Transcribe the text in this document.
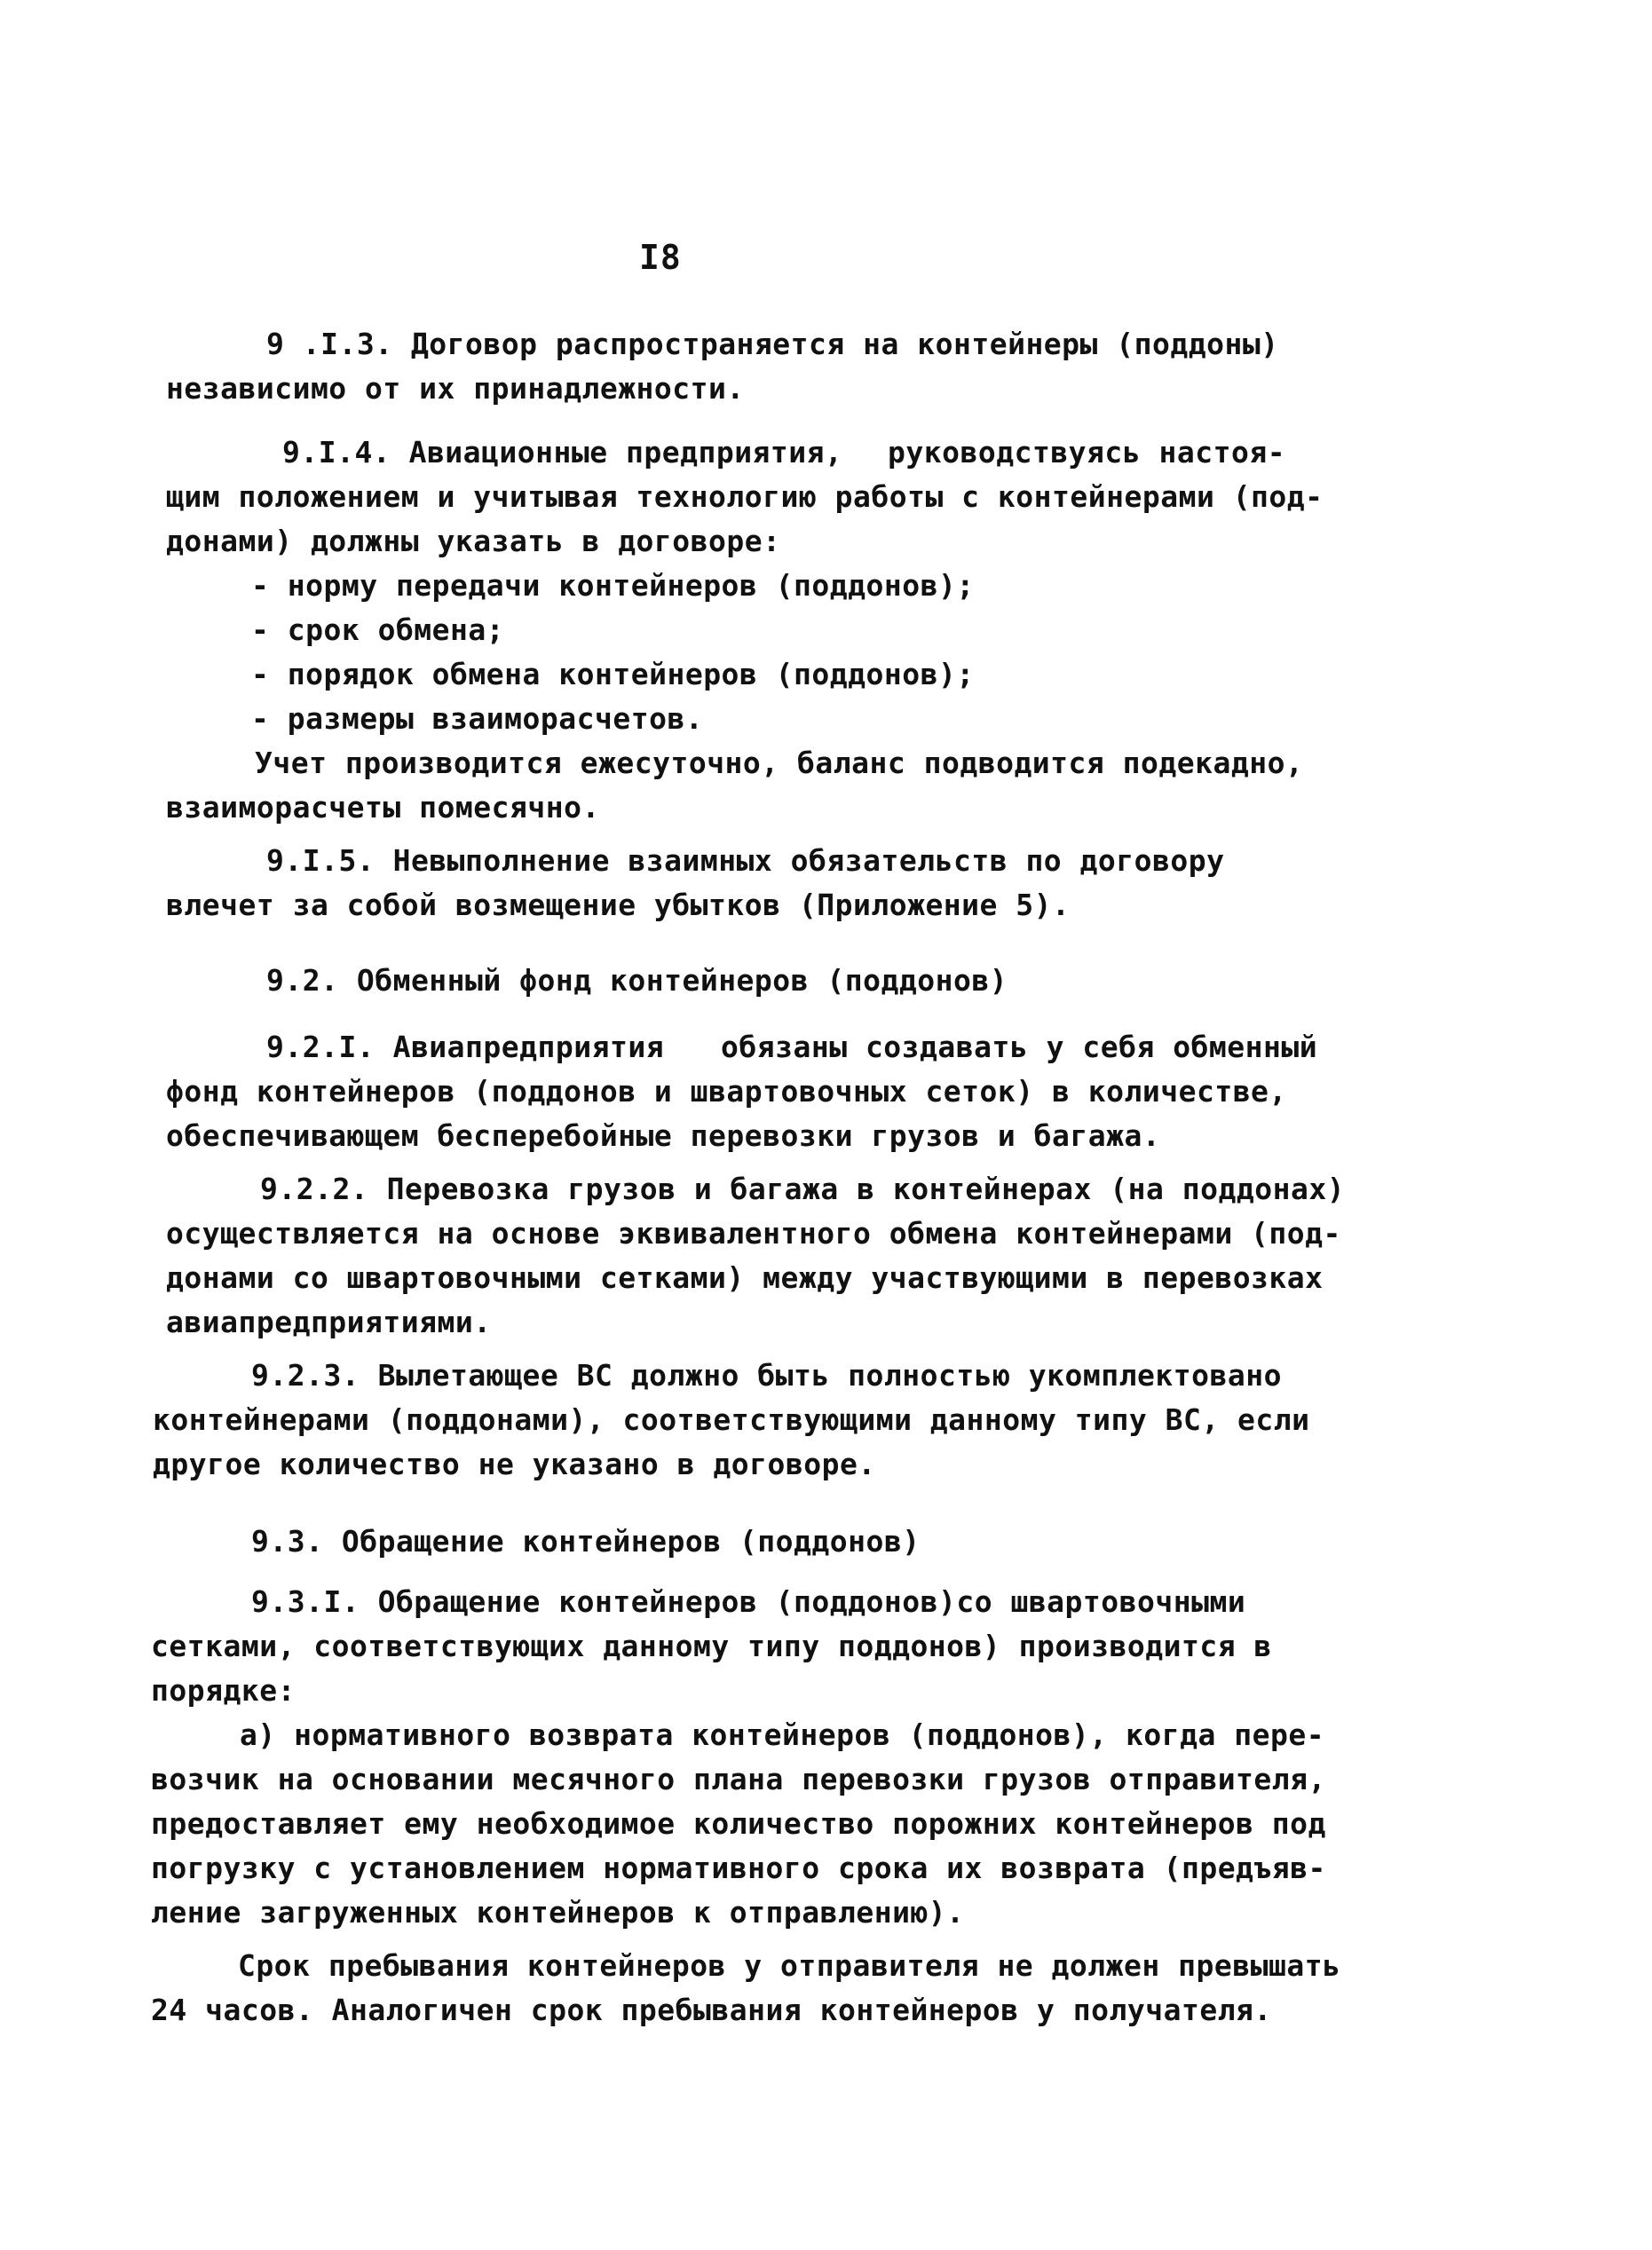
I8
9 .I.3. Договор распространяется на контейнеры (поддоны)
независимо от их принадлежности.
9.I.4. Авиационные предприятия, руководствуясь настоя-
щим положением и учитывая технологию работы с контейнерами (под-
донами) должны указать в договоре:
- норму передачи контейнеров (поддонов);
- срок обмена;
- порядок обмена контейнеров (поддонов);
- размеры взаиморасчетов.
Учет производится ежесуточно, баланс подводится подекадно,
взаиморасчеты помесячно.
9.I.5. Невыполнение взаимных обязательств по договору
влечет за собой возмещение убытков (Приложение 5).
9.2. Обменный фонд контейнеров (поддонов)
9.2.I. Авиапредприятия обязаны создавать у себя обменный
фонд контейнеров (поддонов и швартовочных сеток) в количестве,
обеспечивающем бесперебойные перевозки грузов и багажа.
9.2.2. Перевозка грузов и багажа в контейнерах (на поддонах)
осуществляется на основе эквивалентного обмена контейнерами (под-
донами со швартовочными сетками) между участвующими в перевозках
авиапредприятиями.
9.2.3. Вылетающее ВС должно быть полностью укомплектовано
контейнерами (поддонами), соответствующими данному типу ВС, если
другое количество не указано в договоре.
9.3. Обращение контейнеров (поддонов)
9.3.I. Обращение контейнеров (поддонов)со швартовочными
сетками, соответствующих данному типу поддонов) производится в
порядке:
а) нормативного возврата контейнеров (поддонов), когда пере-
возчик на основании месячного плана перевозки грузов отправителя,
предоставляет ему необходимое количество порожних контейнеров под
погрузку с установлением нормативного срока их возврата (предъяв-
ление загруженных контейнеров к отправлению).
Срок пребывания контейнеров у отправителя не должен превышать
24 часов. Аналогичен срок пребывания контейнеров у получателя.
